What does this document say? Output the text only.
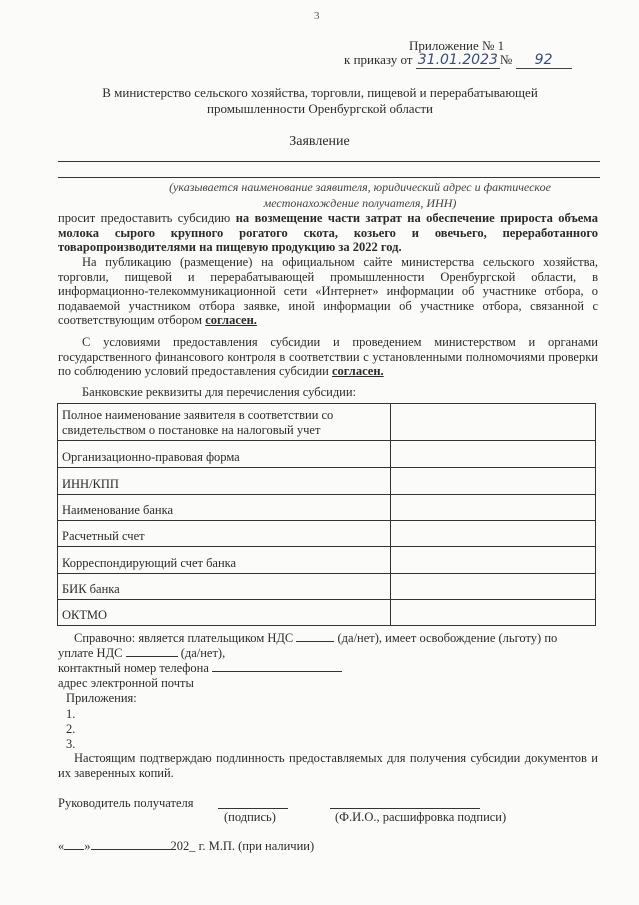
3
Приложение № 1
к приказу от 31.01.2023 № 92
В министерство сельского хозяйства, торговли, пищевой и перерабатывающей промышленности Оренбургской области
Заявление
(указывается наименование заявителя, юридический адрес и фактическое местонахождение получателя, ИНН)
просит предоставить субсидию на возмещение части затрат на обеспечение прироста объема молока сырого крупного рогатого скота, козьего и овечьего, переработанного товаропроизводителями на пищевую продукцию за 2022 год.
На публикацию (размещение) на официальном сайте министерства сельского хозяйства, торговли, пищевой и перерабатывающей промышленности Оренбургской области, в информационно-телекоммуникационной сети «Интернет» информации об участнике отбора, о подаваемой участником отбора заявке, иной информации об участнике отбора, связанной с соответствующим отбором согласен.
С условиями предоставления субсидии и проведением министерством и органами государственного финансового контроля в соответствии с установленными полномочиями проверки по соблюдению условий предоставления субсидии согласен.
Банковские реквизиты для перечисления субсидии:
Полное наименование заявителя в соответствии со свидетельством о постановке на налоговый учет	
Организационно-правовая форма	
ИНН/КПП	
Наименование банка	
Расчетный счет	
Корреспондирующий счет банка	
БИК банка	
ОКТМО	
Справочно: является плательщиком НДС	(да/нет), имеет освобождение (льготу) по
уплате НДС	(да/нет),
контактный номер телефона
адрес электронной почты
Приложения:
1.
2.
3.
Настоящим подтверждаю подлинность предоставляемых для получения субсидии документов и их заверенных копий.
Руководитель получателя
(подпись)	(Ф.И.О., расшифровка подписи)
« »	202_ г. М.П. (при наличии)
